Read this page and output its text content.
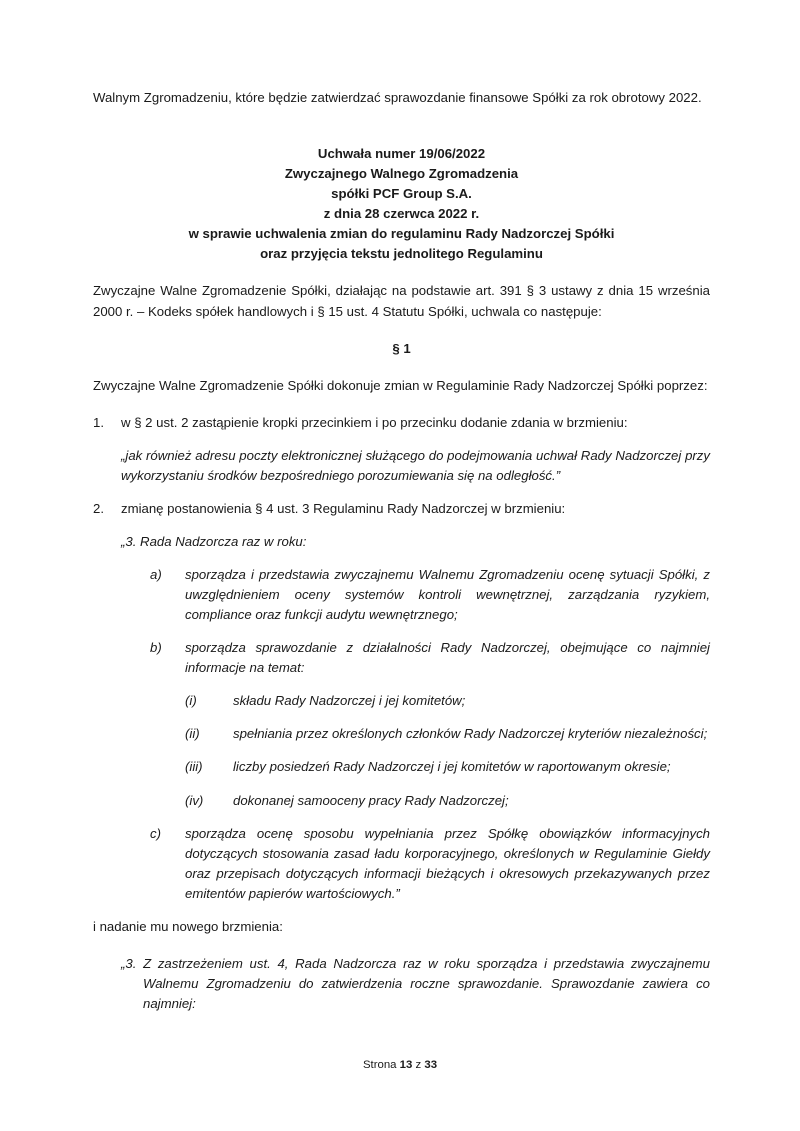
Walnym Zgromadzeniu, które będzie zatwierdzać sprawozdanie finansowe Spółki za rok obrotowy 2022.

Uchwała numer 19/06/2022
Zwyczajnego Walnego Zgromadzenia
spółki PCF Group S.A.
z dnia 28 czerwca 2022 r.
w sprawie uchwalenia zmian do regulaminu Rady Nadzorczej Spółki
oraz przyjęcia tekstu jednolitego Regulaminu

Zwyczajne Walne Zgromadzenie Spółki, działając na podstawie art. 391 § 3 ustawy z dnia 15 września 2000 r. – Kodeks spółek handlowych i § 15 ust. 4 Statutu Spółki, uchwala co następuje:

§ 1

Zwyczajne Walne Zgromadzenie Spółki dokonuje zmian w Regulaminie Rady Nadzorczej Spółki poprzez:

1.	w § 2 ust. 2 zastąpienie kropki przecinkiem i po przecinku dodanie zdania w brzmieniu:

„jak również adresu poczty elektronicznej służącego do podejmowania uchwał Rady Nadzorczej przy wykorzystaniu środków bezpośredniego porozumiewania się na odległość.”

2.	zmianę postanowienia § 4 ust. 3 Regulaminu Rady Nadzorczej w brzmieniu:

„3. Rada Nadzorcza raz w roku:

a)	sporządza i przedstawia zwyczajnemu Walnemu Zgromadzeniu ocenę sytuacji Spółki, z uwzględnieniem oceny systemów kontroli wewnętrznej, zarządzania ryzykiem, compliance oraz funkcji audytu wewnętrznego;
b)	sporządza sprawozdanie z działalności Rady Nadzorczej, obejmujące co najmniej informacje na temat:
(i)	składu Rady Nadzorczej i jej komitetów;
(ii)	spełniania przez określonych członków Rady Nadzorczej kryteriów niezależności;
(iii)	liczby posiedzeń Rady Nadzorczej i jej komitetów w raportowanym okresie;
(iv)	dokonanej samooceny pracy Rady Nadzorczej;
c)	sporządza ocenę sposobu wypełniania przez Spółkę obowiązków informacyjnych dotyczących stosowania zasad ładu korporacyjnego, określonych w Regulaminie Giełdy oraz przepisach dotyczących informacji bieżących i okresowych przekazywanych przez emitentów papierów wartościowych.”

i nadanie mu nowego brzmienia:

„3. Z zastrzeżeniem ust. 4, Rada Nadzorcza raz w roku sporządza i przedstawia zwyczajnemu Walnemu Zgromadzeniu do zatwierdzenia roczne sprawozdanie. Sprawozdanie zawiera co najmniej:

Strona 13 z 33
